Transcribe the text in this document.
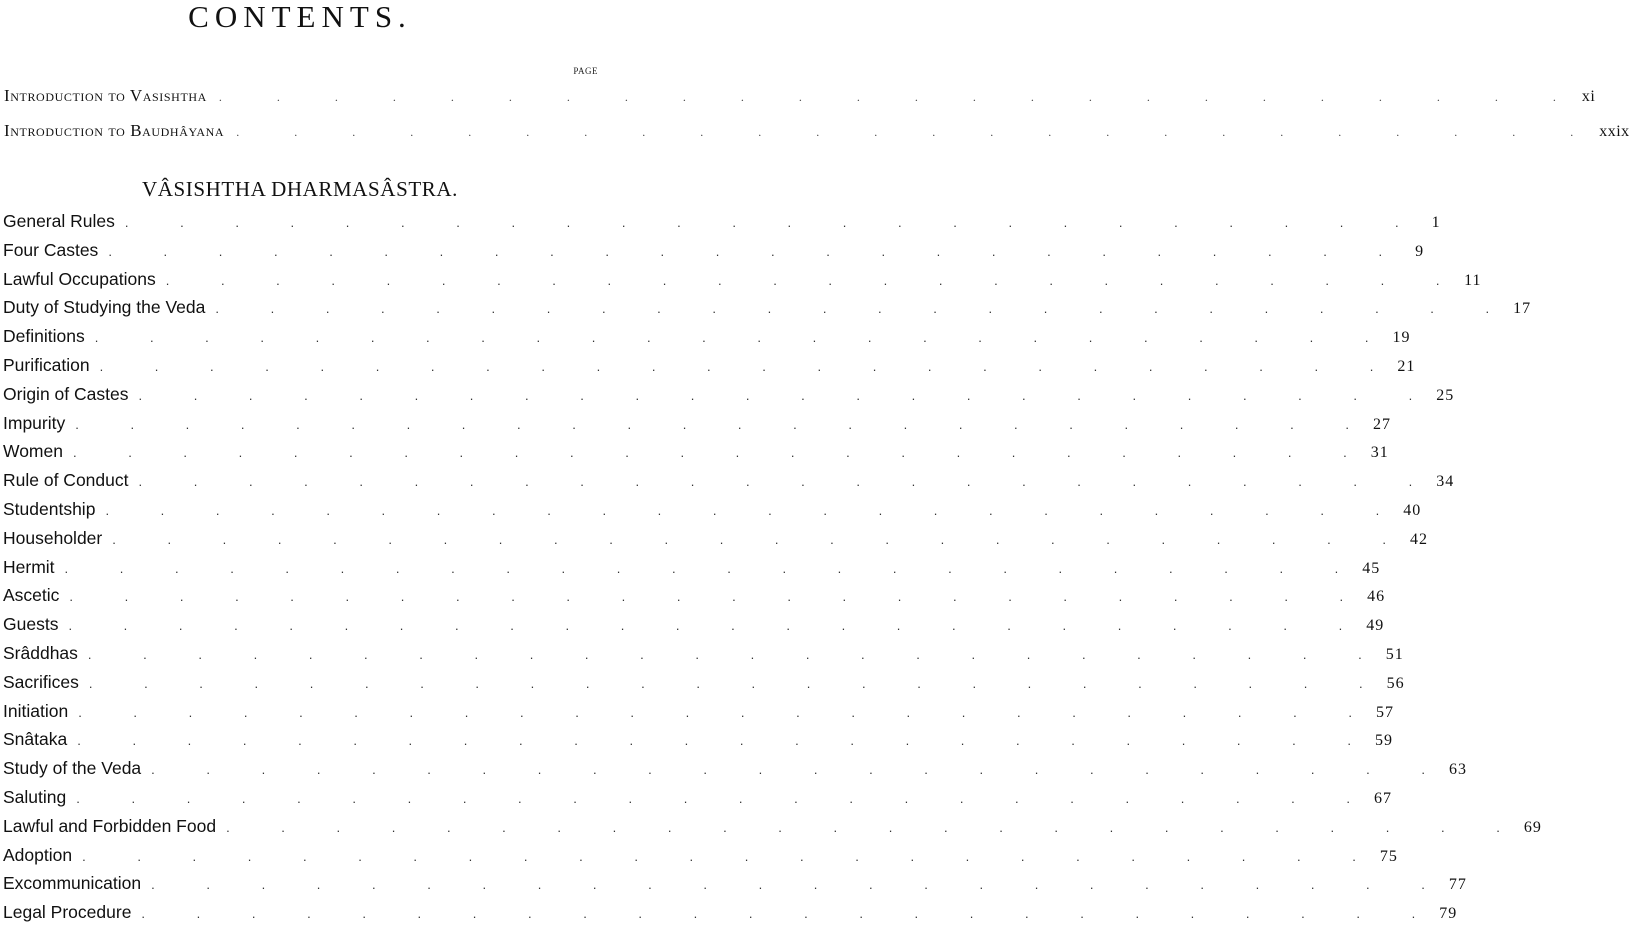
CONTENTS.
PAGE
Introduction to Vasishtha	. . . . . . . . . . . . . . . . . . . . . . . . xi
Introduction to Baudhâyana	. . . . . . . . . . . . . . . . . . . . . . . . xxix
VÂSISHTHA DHARMASÂSTRA.
General Rules . . . . . . . . . . . . . . . . . . . . . . . . 1
Four Castes . . . . . . . . . . . . . . . . . . . . . . . . 9
Lawful Occupations . . . . . . . . . . . . . . . . . . . . . . . . 11
Duty of Studying the Veda . . . . . . . . . . . . . . . . . . . . . . . . 17
Definitions . . . . . . . . . . . . . . . . . . . . . . . . 19
Purification . . . . . . . . . . . . . . . . . . . . . . . . 21
Origin of Castes . . . . . . . . . . . . . . . . . . . . . . . . 25
Impurity . . . . . . . . . . . . . . . . . . . . . . . . 27
Women . . . . . . . . . . . . . . . . . . . . . . . . 31
Rule of Conduct . . . . . . . . . . . . . . . . . . . . . . . . 34
Studentship . . . . . . . . . . . . . . . . . . . . . . . . 40
Householder . . . . . . . . . . . . . . . . . . . . . . . . 42
Hermit . . . . . . . . . . . . . . . . . . . . . . . . 45
Ascetic . . . . . . . . . . . . . . . . . . . . . . . . 46
Guests . . . . . . . . . . . . . . . . . . . . . . . . 49
Srâddhas . . . . . . . . . . . . . . . . . . . . . . . . 51
Sacrifices . . . . . . . . . . . . . . . . . . . . . . . . 56
Initiation . . . . . . . . . . . . . . . . . . . . . . . . 57
Snâtaka . . . . . . . . . . . . . . . . . . . . . . . . 59
Study of the Veda . . . . . . . . . . . . . . . . . . . . . . . . 63
Saluting . . . . . . . . . . . . . . . . . . . . . . . . 67
Lawful and Forbidden Food . . . . . . . . . . . . . . . . . . . . . . . . 69
Adoption . . . . . . . . . . . . . . . . . . . . . . . . 75
Excommunication . . . . . . . . . . . . . . . . . . . . . . . . 77
Legal Procedure . . . . . . . . . . . . . . . . . . . . . . . . 79
